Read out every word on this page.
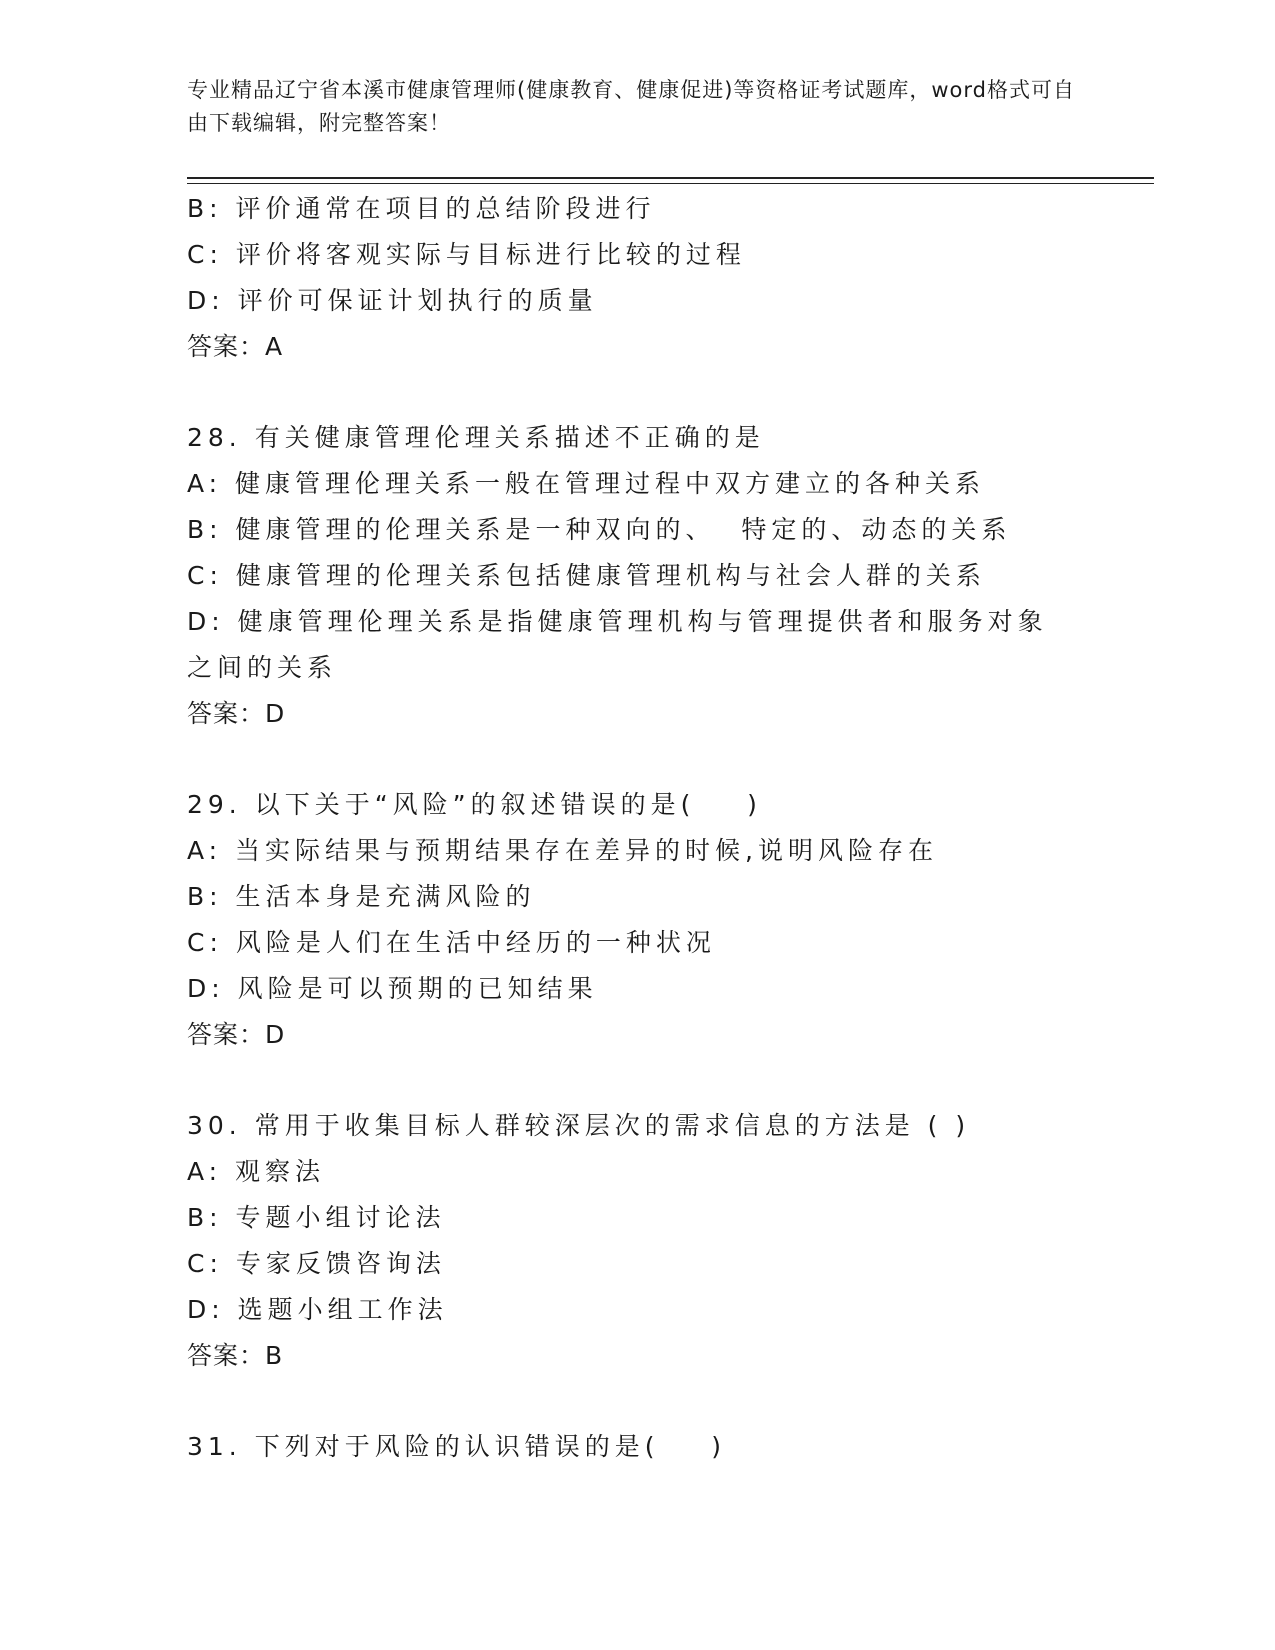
专业精品辽宁省本溪市健康管理师(健康教育、健康促进)等资格证考试题库，word格式可自由下载编辑，附完整答案！
B: 评价通常在项目的总结阶段进行
C: 评价将客观实际与目标进行比较的过程
D: 评价可保证计划执行的质量
答案：A
28. 有关健康管理伦理关系描述不正确的是
A: 健康管理伦理关系一般在管理过程中双方建立的各种关系
B: 健康管理的伦理关系是一种双向的、  特定的、动态的关系
C: 健康管理的伦理关系包括健康管理机构与社会人群的关系
D: 健康管理伦理关系是指健康管理机构与管理提供者和服务对象之间的关系
答案：D
29. 以下关于“风险”的叙述错误的是(    )
A: 当实际结果与预期结果存在差异的时候,说明风险存在
B: 生活本身是充满风险的
C: 风险是人们在生活中经历的一种状况
D: 风险是可以预期的已知结果
答案：D
30. 常用于收集目标人群较深层次的需求信息的方法是 ( )
A: 观察法
B: 专题小组讨论法
C: 专家反馈咨询法
D: 选题小组工作法
答案：B
31. 下列对于风险的认识错误的是(    )
